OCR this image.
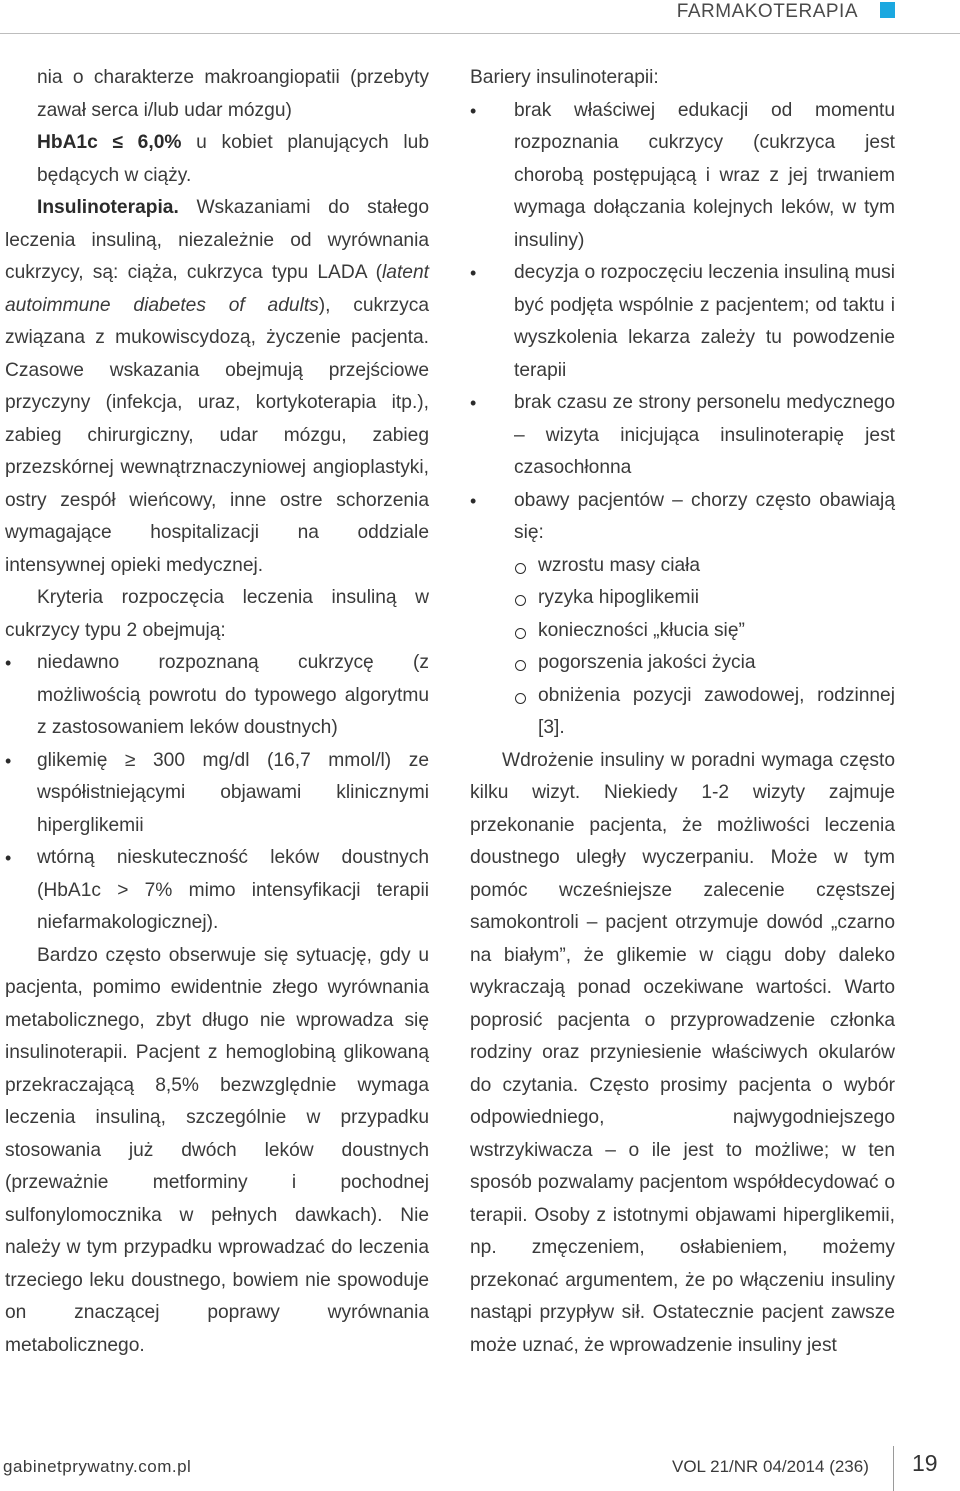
FARMAKOTERAPIA

nia o charakterze makroangiopatii (przebyty zawał serca i/lub udar mózgu)

HbA1c ≤ 6,0% u kobiet planujących lub będących w ciąży.

Insulinoterapia. Wskazaniami do stałego leczenia insuliną, niezależnie od wyrównania cukrzycy, są: ciąża, cukrzyca typu LADA (latent autoimmune diabetes of adults), cukrzyca związana z mukowiscydozą, życzenie pacjenta. Czasowe wskazania obejmują przejściowe przyczyny (infekcja, uraz, kortykoterapia itp.), zabieg chirurgiczny, udar mózgu, zabieg przezskórnej wewnątrznaczyniowej angioplastyki, ostry zespół wieńcowy, inne ostre schorzenia wymagające hospitalizacji na oddziale intensywnej opieki medycznej.

Kryteria rozpoczęcia leczenia insuliną w cukrzycy typu 2 obejmują:

• niedawno rozpoznaną cukrzycę (z możliwością powrotu do typowego algorytmu z zastosowaniem leków doustnych)
• glikemię ≥ 300 mg/dl (16,7 mmol/l) ze współistniejącymi objawami klinicznymi hiperglikemii
• wtórną nieskuteczność leków doustnych (HbA1c > 7% mimo intensyfikacji terapii niefarmakologicznej).

Bardzo często obserwuje się sytuację, gdy u pacjenta, pomimo ewidentnie złego wyrównania metabolicznego, zbyt długo nie wprowadza się insulinoterapii. Pacjent z hemoglobiną glikowaną przekraczającą 8,5% bezwzględnie wymaga leczenia insuliną, szczególnie w przypadku stosowania już dwóch leków doustnych (przeważnie metforminy i pochodnej sulfonylomocznika w pełnych dawkach). Nie należy w tym przypadku wprowadzać do leczenia trzeciego leku doustnego, bowiem nie spowoduje on znaczącej poprawy wyrównania metabolicznego.

Bariery insulinoterapii:

• brak właściwej edukacji od momentu rozpoznania cukrzycy (cukrzyca jest chorobą postępującą i wraz z jej trwaniem wymaga dołączania kolejnych leków, w tym insuliny)
• decyzja o rozpoczęciu leczenia insuliną musi być podjęta wspólnie z pacjentem; od taktu i wyszkolenia lekarza zależy tu powodzenie terapii
• brak czasu ze strony personelu medycznego – wizyta inicjująca insulinoterapię jest czasochłonna
• obawy pacjentów – chorzy często obawiają się:
wzrostu masy ciała
ryzyka hipoglikemii
konieczności „kłucia się”
pogorszenia jakości życia
obniżenia pozycji zawodowej, rodzinnej [3].

Wdrożenie insuliny w poradni wymaga często kilku wizyt. Niekiedy 1-2 wizyty zajmuje przekonanie pacjenta, że możliwości leczenia doustnego uległy wyczerpaniu. Może w tym pomóc wcześniejsze zalecenie częstszej samokontroli – pacjent otrzymuje dowód „czarno na białym”, że glikemie w ciągu doby daleko wykraczają ponad oczekiwane wartości. Warto poprosić pacjenta o przyprowadzenie członka rodziny oraz przyniesienie właściwych okularów do czytania. Często prosimy pacjenta o wybór odpowiedniego, najwygodniejszego wstrzykiwacza – o ile jest to możliwe; w ten sposób pozwalamy pacjentom współdecydować o terapii. Osoby z istotnymi objawami hiperglikemii, np. zmęczeniem, osłabieniem, możemy przekonać argumentem, że po włączeniu insuliny nastąpi przypływ sił. Ostatecznie pacjent zawsze może uznać, że wprowadzenie insuliny jest

gabinetprywatny.com.pl	VOL 21/NR 04/2014 (236) 19
